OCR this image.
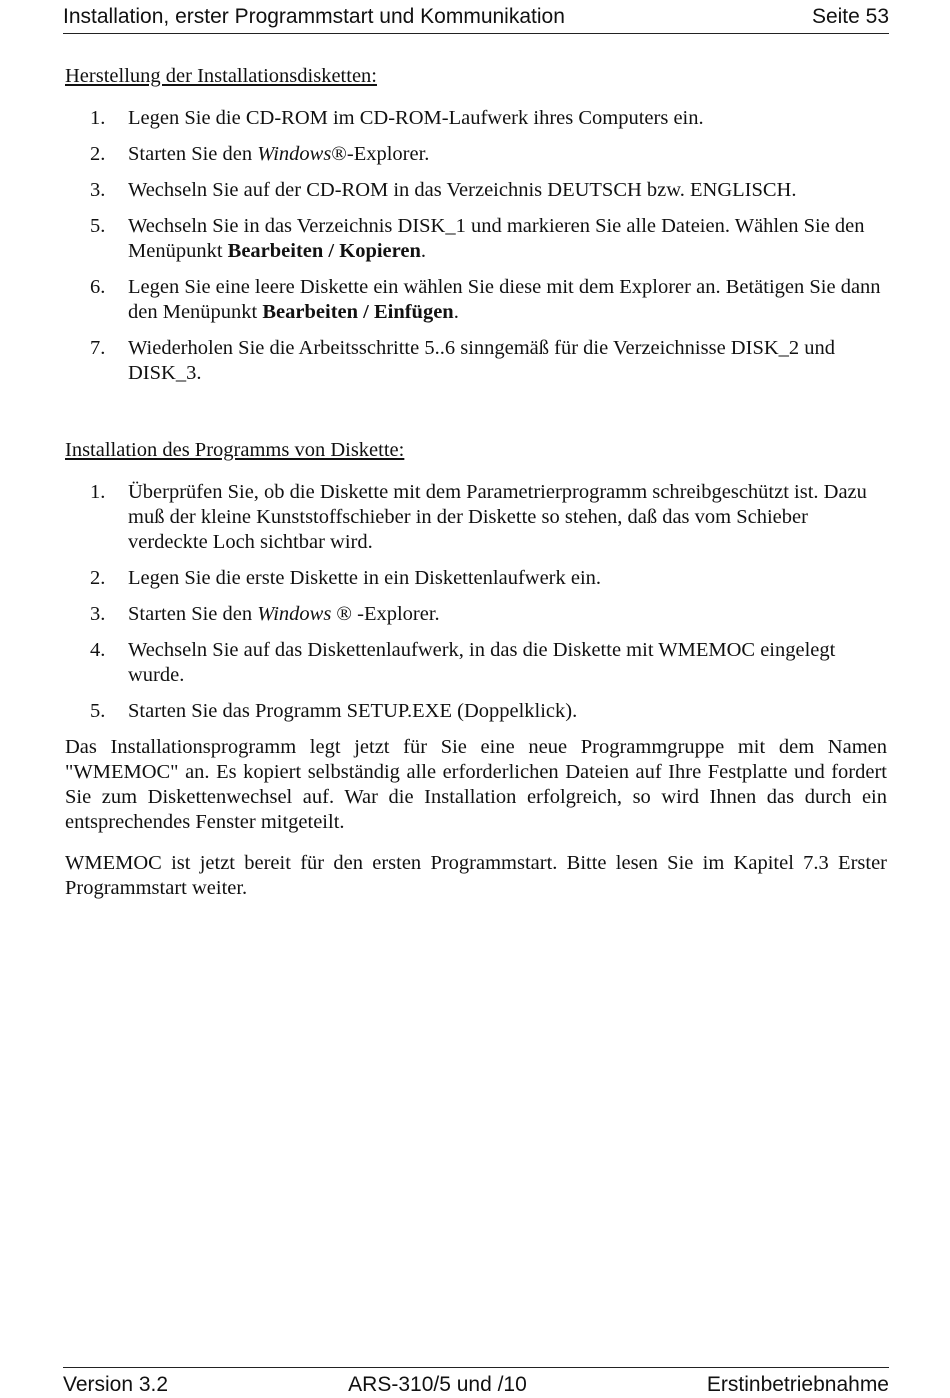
Installation, erster Programmstart und Kommunikation	Seite 53
Herstellung der Installationsdisketten:
1.	Legen Sie die CD-ROM im CD-ROM-Laufwerk ihres Computers ein.
2.	Starten Sie den Windows®-Explorer.
3.	Wechseln Sie auf der CD-ROM in das Verzeichnis DEUTSCH bzw. ENGLISCH.
5.	Wechseln Sie in das Verzeichnis DISK_1 und markieren Sie alle Dateien. Wählen Sie den Menüpunkt Bearbeiten / Kopieren.
6.	Legen Sie eine leere Diskette ein wählen Sie diese mit dem Explorer an. Betätigen Sie dann den Menüpunkt Bearbeiten / Einfügen.
7.	Wiederholen Sie die Arbeitsschritte 5..6 sinngemäß für die Verzeichnisse DISK_2 und DISK_3.
Installation des Programms von Diskette:
1.	Überprüfen Sie, ob die Diskette mit dem Parametrierprogramm schreibgeschützt ist. Dazu muß der kleine Kunststoffschieber in der Diskette so stehen, daß das vom Schieber verdeckte Loch sichtbar wird.
2.	Legen Sie die erste Diskette in ein Diskettenlaufwerk ein.
3.	Starten Sie den Windows ® -Explorer.
4.	Wechseln Sie auf das Diskettenlaufwerk, in das die Diskette mit WMEMOC eingelegt wurde.
5.	Starten Sie das Programm SETUP.EXE (Doppelklick).

Das Installationsprogramm legt jetzt für Sie eine neue Programmgruppe mit dem Namen "WMEMOC" an. Es kopiert selbständig alle erforderlichen Dateien auf Ihre Festplatte und fordert Sie zum Diskettenwechsel auf. War die Installation erfolgreich, so wird Ihnen das durch ein entsprechendes Fenster mitgeteilt.

WMEMOC ist jetzt bereit für den ersten Programmstart. Bitte lesen Sie im Kapitel 7.3 Erster Programmstart weiter.

Version 3.2	ARS-310/5 und /10	Erstinbetriebnahme
